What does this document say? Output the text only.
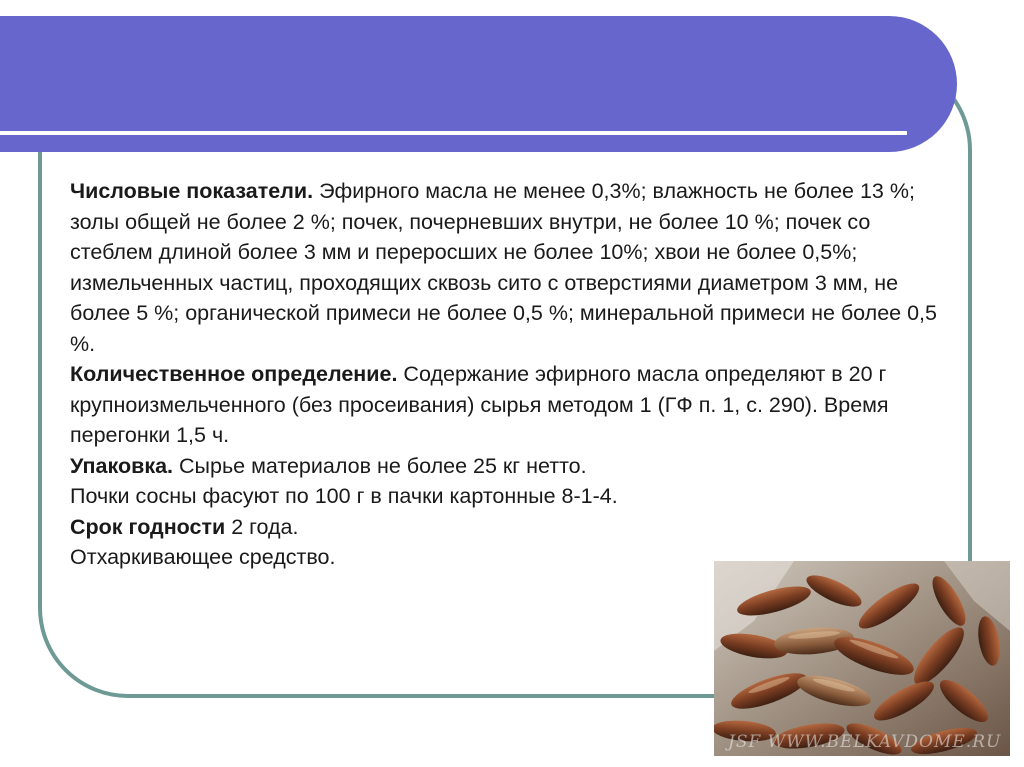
Числовые показатели. Эфирного масла не менее 0,3%; влажность не более 13 %; золы общей не более 2 %; почек, почерневших внутри, не более 10 %; почек со стеблем длиной более 3 мм и переросших не более 10%; хвои не более 0,5%; измельченных частиц, проходящих сквозь сито с отверстиями диаметром 3 мм, не более 5 %; органической примеси не более 0,5 %; минеральной примеси не более 0,5 %.

Количественное определение. Содержание эфирного масла определяют в 20 г крупноизмельченного (без просеивания) сырья методом 1 (ГФ п. 1, с. 290). Время перегонки 1,5 ч.

Упаковка. Сырье материалов не более 25 кг нетто.

Почки сосны фасуют по 100 г в пачки картонные 8-1-4.

Срок годности 2 года.

Отхаркивающее средство.

JSF WWW.BELKAVDOME.RU
